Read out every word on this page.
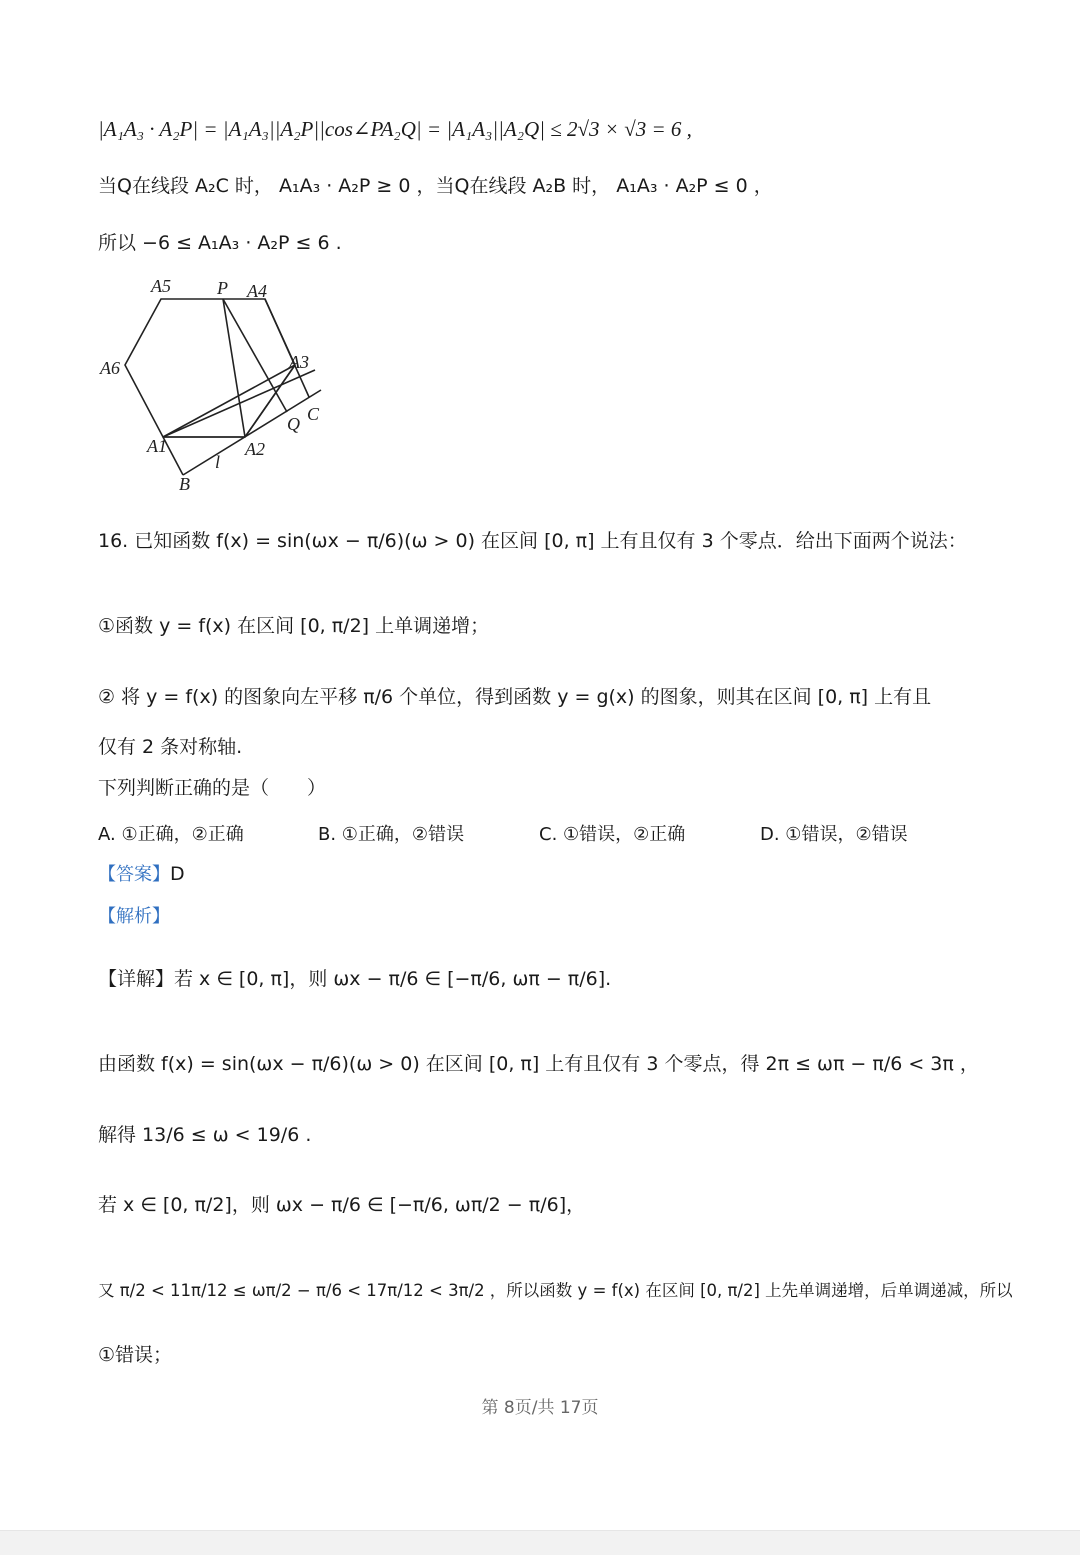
|A₁A₃ · A₂P| = |A₁A₃||A₂P||cos∠PA₂Q| = |A₁A₃||A₂Q| ≤ 2√3 × √3 = 6 ,
当Q在线段 A₂C 时， A₁A₃ · A₂P ≥ 0 ，当Q在线段 A₂B 时， A₁A₃ · A₂P ≤ 0 ，
所以 −6 ≤ A₁A₃ · A₂P ≤ 6 .
A5	P A4
A6	A3
C
Q
A1	A2
l
B
16. 已知函数 f(x) = sin(ωx − π/6)(ω > 0) 在区间 [0, π] 上有且仅有 3 个零点．给出下面两个说法：
①函数 y = f(x) 在区间 [0, π/2] 上单调递增；
② 将 y = f(x) 的图象向左平移 π/6 个单位，得到函数 y = g(x) 的图象，则其在区间 [0, π] 上有且
仅有 2 条对称轴.
下列判断正确的是（　　）
A. ①正确，②正确	B. ①正确，②错误	C. ①错误，②正确	D. ①错误，②错误
【答案】D
【解析】
【详解】若 x ∈ [0, π]，则 ωx − π/6 ∈ [−π/6, ωπ − π/6].
由函数 f(x) = sin(ωx − π/6)(ω > 0) 在区间 [0, π] 上有且仅有 3 个零点，得 2π ≤ ωπ − π/6 < 3π ，
解得 13/6 ≤ ω < 19/6 .
若 x ∈ [0, π/2]，则 ωx − π/6 ∈ [−π/6, ωπ/2 − π/6]，
又 π/2 < 11π/12 ≤ ωπ/2 − π/6 < 17π/12 < 3π/2 ，所以函数 y = f(x) 在区间 [0, π/2] 上先单调递增，后单调递减，所以
①错误；
第 8页/共 17页
